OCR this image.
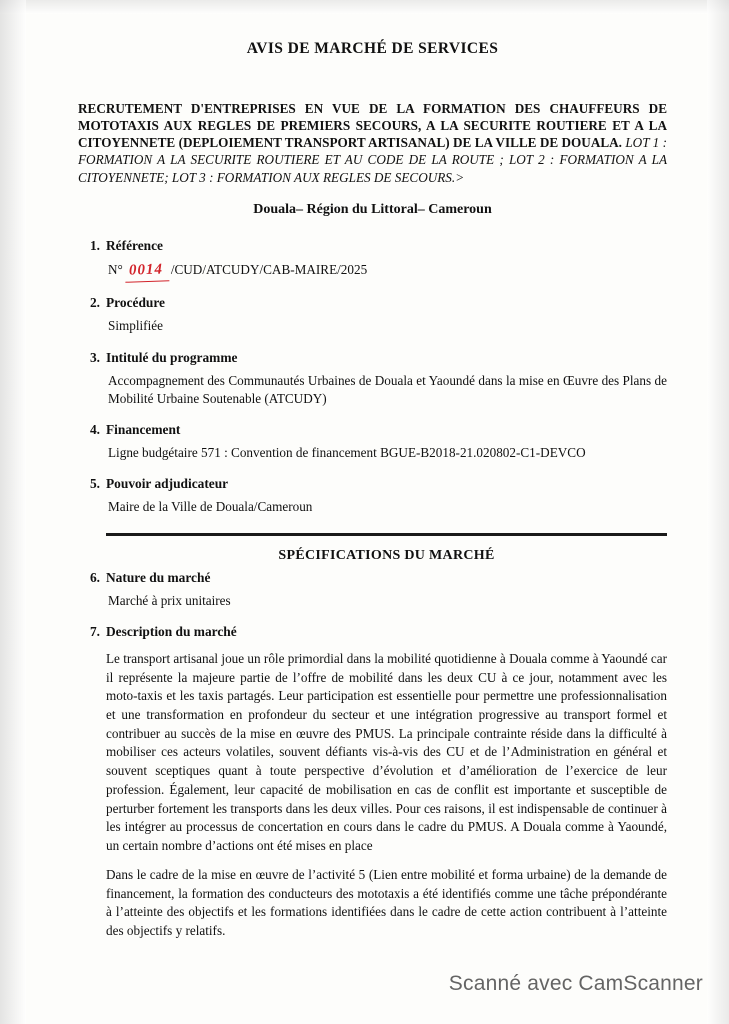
AVIS DE MARCHÉ DE SERVICES
RECRUTEMENT D'ENTREPRISES EN VUE DE LA FORMATION DES CHAUFFEURS DE MOTOTAXIS AUX REGLES DE PREMIERS SECOURS, A LA SECURITE ROUTIERE ET A LA CITOYENNETE (DEPLOIEMENT TRANSPORT ARTISANAL) DE LA VILLE DE DOUALA. LOT 1 : FORMATION A LA SECURITE ROUTIERE ET AU CODE DE LA ROUTE ; LOT 2 : FORMATION A LA CITOYENNETE; LOT 3 : FORMATION AUX REGLES DE SECOURS.>
Douala– Région du Littoral– Cameroun
Référence
N° 0014 /CUD/ATCUDY/CAB-MAIRE/2025
Procédure
Simplifiée
Intitulé du programme
Accompagnement des Communautés Urbaines de Douala et Yaoundé dans la mise en Œuvre des Plans de Mobilité Urbaine Soutenable (ATCUDY)
Financement
Ligne budgétaire 571 : Convention de financement BGUE-B2018-21.020802-C1-DEVCO
Pouvoir adjudicateur
Maire de la Ville de Douala/Cameroun
SPÉCIFICATIONS DU MARCHÉ
Nature du marché
Marché à prix unitaires
Description du marché
Le transport artisanal joue un rôle primordial dans la mobilité quotidienne à Douala comme à Yaoundé car il représente la majeure partie de l’offre de mobilité dans les deux CU à ce jour, notamment avec les moto-taxis et les taxis partagés. Leur participation est essentielle pour permettre une professionnalisation et une transformation en profondeur du secteur et une intégration progressive au transport formel et contribuer au succès de la mise en œuvre des PMUS. La principale contrainte réside dans la difficulté à mobiliser ces acteurs volatiles, souvent défiants vis-à-vis des CU et de l’Administration en général et souvent sceptiques quant à toute perspective d’évolution et d’amélioration de l’exercice de leur profession. Également, leur capacité de mobilisation en cas de conflit est importante et susceptible de perturber fortement les transports dans les deux villes. Pour ces raisons, il est indispensable de continuer à les intégrer au processus de concertation en cours dans le cadre du PMUS. A Douala comme à Yaoundé, un certain nombre d’actions ont été mises en place
Dans le cadre de la mise en œuvre de l’activité 5 (Lien entre mobilité et forma urbaine) de la demande de financement, la formation des conducteurs des mototaxis a été identifiés comme une tâche prépondérante à l’atteinte des objectifs et les formations identifiées dans le cadre de cette action contribuent à l’atteinte des objectifs y relatifs.
Scanné avec CamScanner
